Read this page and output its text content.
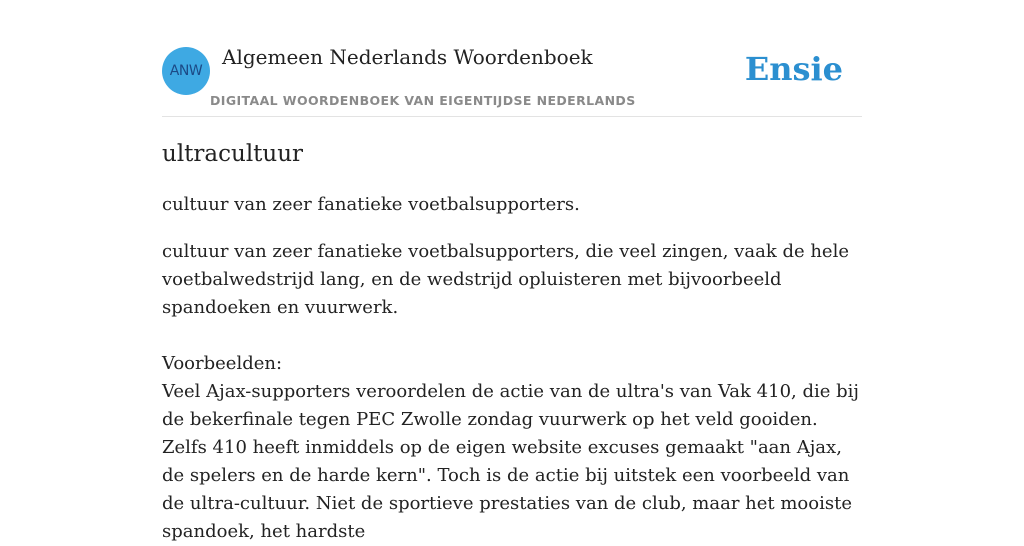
ANW
Algemeen Nederlands Woordenboek
DIGITAAL WOORDENBOEK VAN EIGENTIJDSE NEDERLANDS
Ensie
ultracultuur

cultuur van zeer fanatieke voetbalsupporters.

cultuur van zeer fanatieke voetbalsupporters, die veel zingen, vaak de hele voetbalwedstrijd lang, en de wedstrijd opluisteren met bijvoorbeeld spandoeken en vuurwerk.

Voorbeelden:

Veel Ajax-supporters veroordelen de actie van de ultra's van Vak 410, die bij de bekerfinale tegen PEC Zwolle zondag vuurwerk op het veld gooiden. Zelfs 410 heeft inmiddels op de eigen website excuses gemaakt "aan Ajax, de spelers en de harde kern". Toch is de actie bij uitstek een voorbeeld van de ultra-cultuur. Niet de sportieve prestaties van de club, maar het mooiste spandoek, het hardste
